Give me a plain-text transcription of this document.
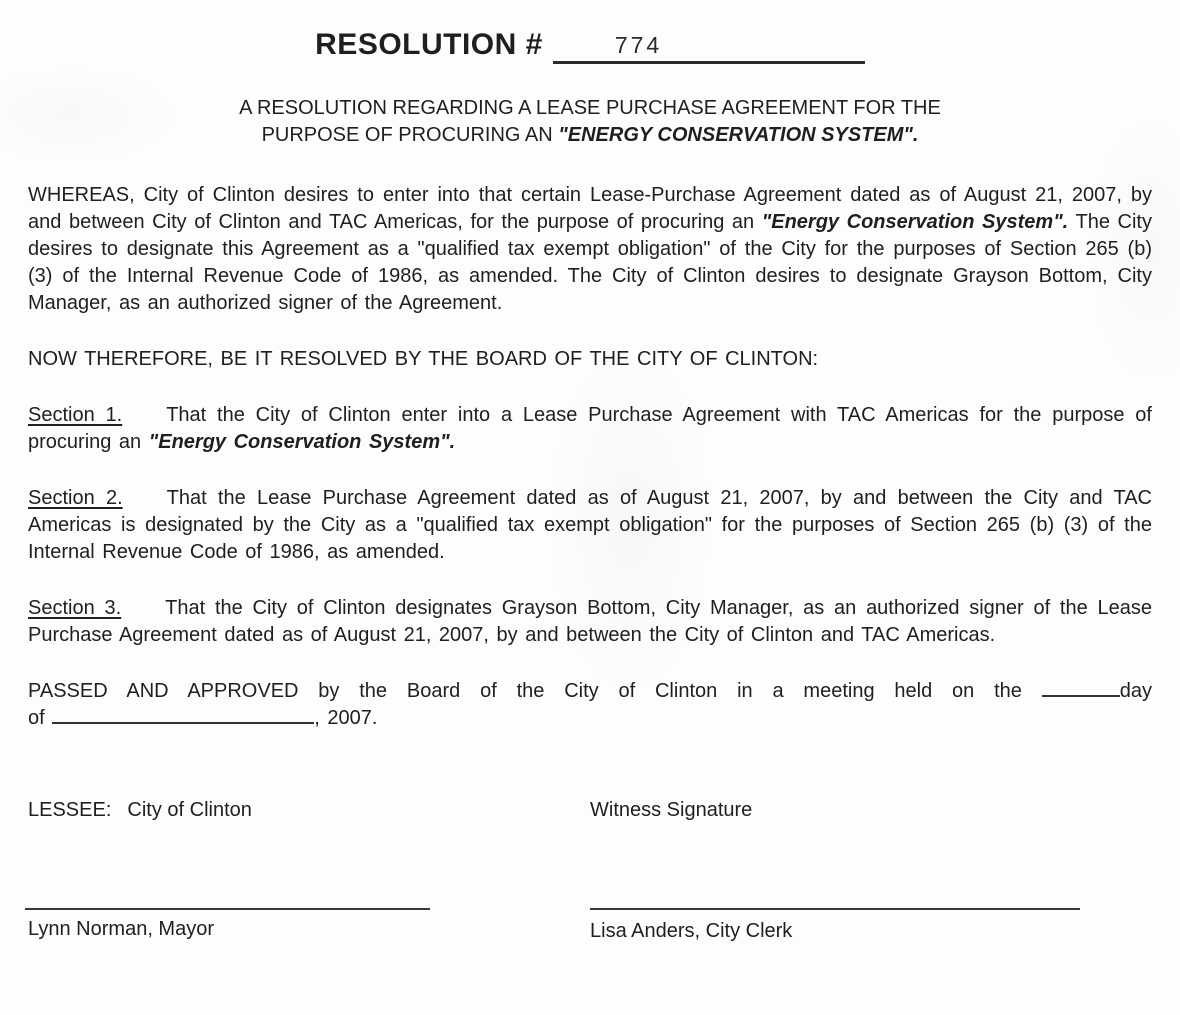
RESOLUTION #	774
A RESOLUTION REGARDING A LEASE PURCHASE AGREEMENT FOR THE
PURPOSE OF PROCURING AN "ENERGY CONSERVATION SYSTEM".

WHEREAS, City of Clinton desires to enter into that certain Lease-Purchase Agreement dated as of August 21, 2007, by and between City of Clinton and TAC Americas, for the purpose of procuring an "Energy Conservation System". The City desires to designate this Agreement as a "qualified tax exempt obligation" of the City for the purposes of Section 265 (b) (3) of the Internal Revenue Code of 1986, as amended. The City of Clinton desires to designate Grayson Bottom, City Manager, as an authorized signer of the Agreement.

NOW THEREFORE, BE IT RESOLVED BY THE BOARD OF THE CITY OF CLINTON:

Section 1. That the City of Clinton enter into a Lease Purchase Agreement with TAC Americas for the purpose of procuring an "Energy Conservation System".

Section 2. That the Lease Purchase Agreement dated as of August 21, 2007, by and between the City and TAC Americas is designated by the City as a "qualified tax exempt obligation" for the purposes of Section 265 (b) (3) of the Internal Revenue Code of 1986, as amended.

Section 3. That the City of Clinton designates Grayson Bottom, City Manager, as an authorized signer of the Lease Purchase Agreement dated as of August 21, 2007, by and between the City of Clinton and TAC Americas.

PASSED AND APPROVED by the Board of the City of Clinton in a meeting held on the	day
of	, 2007.
LESSEE: City of Clinton	Witness Signature
Lynn Norman, Mayor	Lisa Anders, City Clerk
